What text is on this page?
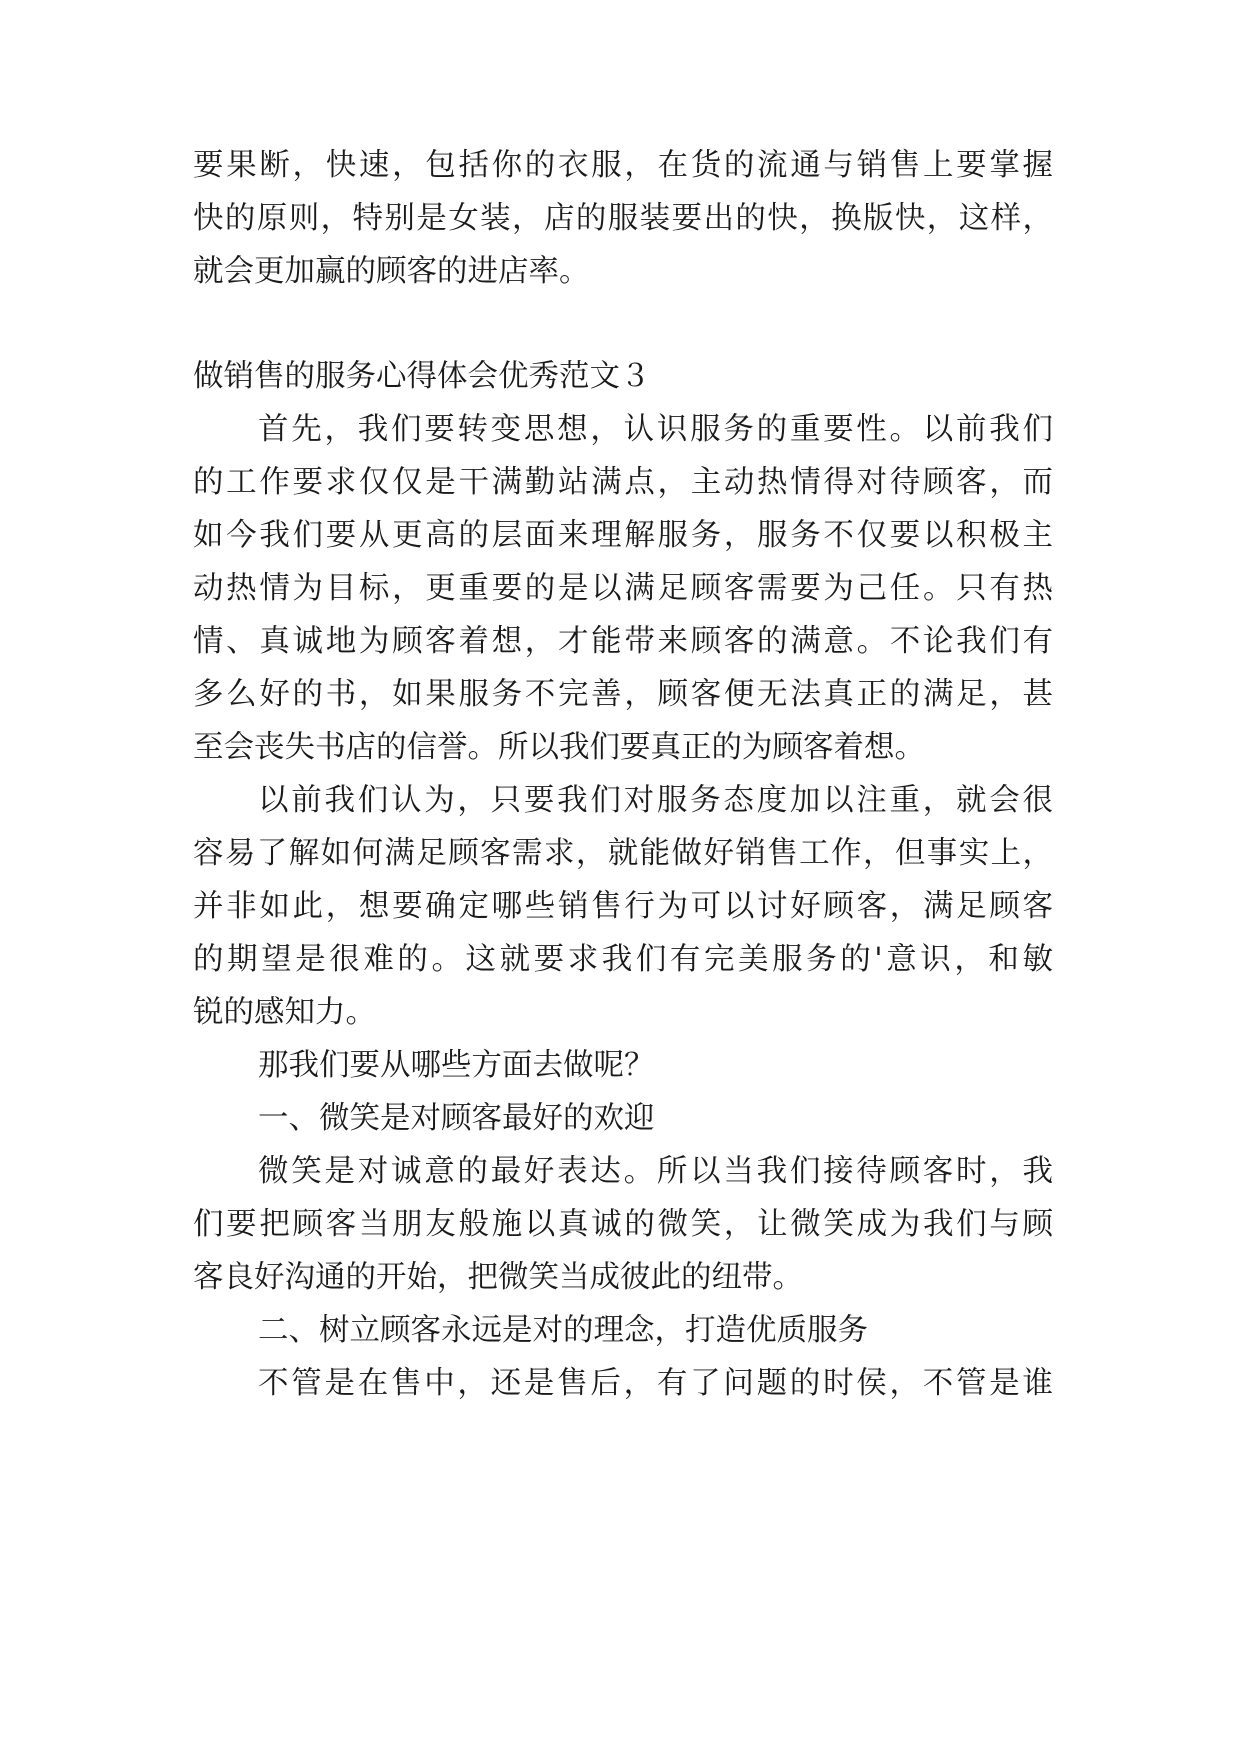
要果断，快速，包括你的衣服，在货的流通与销售上要掌握
快的原则，特别是女装，店的服装要出的快，换版快，这样，
就会更加赢的顾客的进店率。
做销售的服务心得体会优秀范文３
首先，我们要转变思想，认识服务的重要性。以前我们
的工作要求仅仅是干满勤站满点，主动热情得对待顾客，而
如今我们要从更高的层面来理解服务，服务不仅要以积极主
动热情为目标，更重要的是以满足顾客需要为己任。只有热
情、真诚地为顾客着想，才能带来顾客的满意。不论我们有
多么好的书，如果服务不完善，顾客便无法真正的满足，甚
至会丧失书店的信誉。所以我们要真正的为顾客着想。
以前我们认为，只要我们对服务态度加以注重，就会很
容易了解如何满足顾客需求，就能做好销售工作，但事实上，
并非如此，想要确定哪些销售行为可以讨好顾客，满足顾客
的期望是很难的。这就要求我们有完美服务的'意识，和敏
锐的感知力。
那我们要从哪些方面去做呢？
一、微笑是对顾客最好的欢迎
微笑是对诚意的最好表达。所以当我们接待顾客时，我
们要把顾客当朋友般施以真诚的微笑，让微笑成为我们与顾
客良好沟通的开始，把微笑当成彼此的纽带。
二、树立顾客永远是对的理念，打造优质服务
不管是在售中，还是售后，有了问题的时侯，不管是谁
